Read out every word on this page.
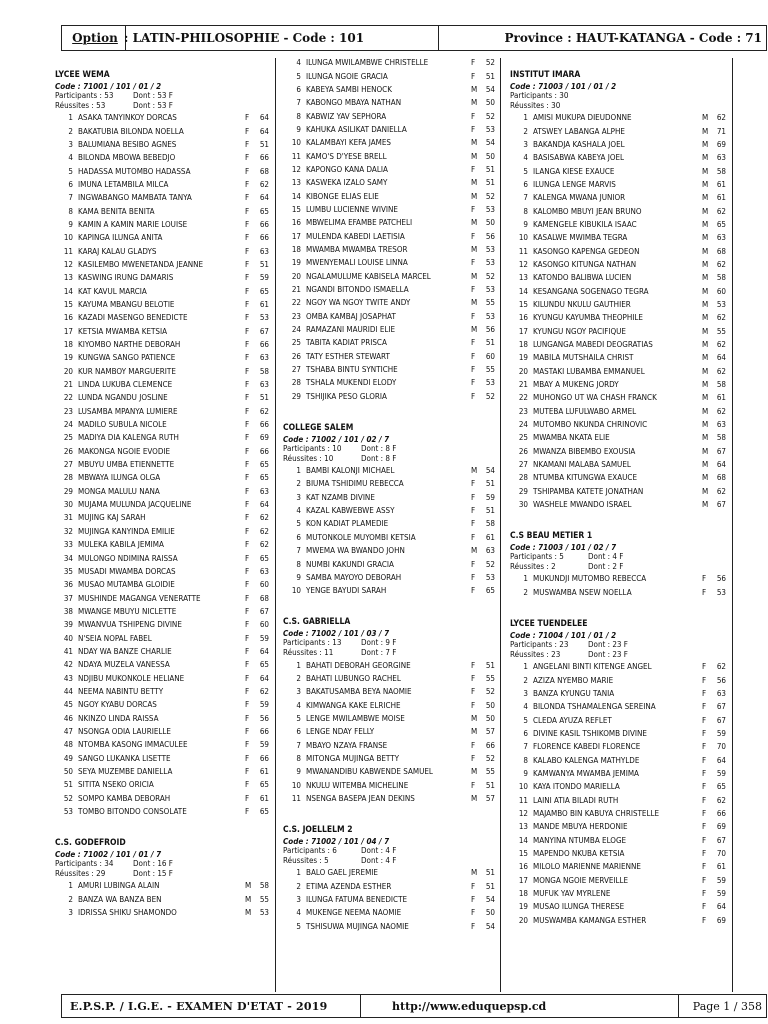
Option : LATIN-PHILOSOPHIE - Code : 101	Province : HAUT-KATANGA - Code : 71
LYCEE WEMA
Code : 71001 / 101 / 01 / 2
Participants : 53	Dont : 53 F
Réussites : 53	Dont : 53 F
1 ASAKA TANYINKOY DORCAS	F	64
2 BAKATUBIA BILONDA NOELLA	F	64
3 BALUMIANA BESIBO AGNES	F	51
4 BILONDA MBOWA BEBEDJO	F	66
5 HADASSA MUTOMBO HADASSA	F	68
6 IMUNA LETAMBILA MILCA	F	62
7 INGWABANGO MAMBATA TANYA	F	64
8 KAMA BENITA BENITA	F	65
9 KAMIN A KAMIN MARIE LOUISE	F	66
10 KAPINGA ILUNGA ANITA	F	66
11 KARAJ KALAU GLADYS	F	63
12 KASILEMBO MWENETANDA JEANNE	F	51
13 KASWING IRUNG DAMARIS	F	59
14 KAT KAVUL MARCIA	F	65
15 KAYUMA MBANGU BELOTIE	F	61
16 KAZADI MASENGO BENEDICTE	F	53
17 KETSIA MWAMBA KETSIA	F	67
18 KIYOMBO NARTHE DEBORAH	F	66
19 KUNGWA SANGO PATIENCE	F	63
20 KUR NAMBOY MARGUERITE	F	58
21 LINDA LUKUBA CLEMENCE	F	63
22 LUNDA NGANDU JOSLINE	F	51
23 LUSAMBA MPANYA LUMIERE	F	62
24 MADILO SUBULA NICOLE	F	66
25 MADIYA DIA KALENGA RUTH	F	69
26 MAKONGA NGOIE EVODIE	F	66
27 MBUYU UMBA ETIENNETTE	F	65
28 MBWAYA ILUNGA OLGA	F	65
29 MONGA MALULU NANA	F	63
30 MUJAMA MULUNDA JACQUELINE	F	64
31 MUJING KAJ SARAH	F	62
32 MUJINGA KANYINDA EMILIE	F	62
33 MULEKA KABILA JEMIMA	F	62
34 MULONGO NDIMINA RAISSA	F	65
35 MUSADI MWAMBA DORCAS	F	63
36 MUSAO MUTAMBA GLOIDIE	F	60
37 MUSHINDE MAGANGA VENERATTE	F	68
38 MWANGE MBUYU NICLETTE	F	67
39 MWANVUA TSHIPENG DIVINE	F	60
40 N'SEIA NOPAL FABEL	F	59
41 NDAY WA BANZE CHARLIE	F	64
42 NDAYA MUZELA VANESSA	F	65
43 NDJIBU MUKONKOLE HELIANE	F	64
44 NEEMA NABINTU BETTY	F	62
45 NGOY KYABU DORCAS	F	59
46 NKINZO LINDA RAISSA	F	56
47 NSONGA ODIA LAURIELLE	F	66
48 NTOMBA KASONG IMMACULEE	F	59
49 SANGO LUKANKA LISETTE	F	66
50 SEYA MUZEMBE DANIELLA	F	61
51 SITITA NSEKO ORICIA	F	65
52 SOMPO KAMBA DEBORAH	F	61
53 TOMBO BITONDO CONSOLATE	F	65
C.S. GODEFROID
Code : 71002 / 101 / 01 / 7
Participants : 34	Dont : 16 F
Réussites : 29	Dont : 15 F
1 AMURI LUBINGA ALAIN	M	58
2 BANZA WA BANZA BEN	M	55
3 IDRISSA SHIKU SHAMONDO	M	53
4 ILUNGA MWILAMBWE CHRISTELLE	F	52
5 ILUNGA NGOIE GRACIA	F	51
6 KABEYA SAMBI HENOCK	M	54
7 KABONGO MBAYA NATHAN	M	50
8 KABWIZ YAV SEPHORA	F	52
9 KAHUKA ASILIKAT DANIELLA	F	53
10 KALAMBAYI KEFA JAMES	M	54
11 KAMO'S D'YESE BRELL	M	50
12 KAPONGO KANA DALIA	F	51
13 KASWEKA IZALO SAMY	M	51
14 KIBONGE ELIAS ELIE	M	52
15 LUMBU LUCIENNE WIVINE	F	53
16 MBWELIMA EFAMBE PATCHELI	M	50
17 MULENDA KABEDI LAETISIA	F	56
18 MWAMBA MWAMBA TRESOR	M	53
19 MWENYEMALI LOUISE LINNA	F	53
20 NGALAMULUME KABISELA MARCEL	M	52
21 NGANDI BITONDO ISMAELLA	F	53
22 NGOY WA NGOY TWITE ANDY	M	55
23 OMBA KAMBAJ JOSAPHAT	F	53
24 RAMAZANI MAURIDI ELIE	M	56
25 TABITA KADIAT PRISCA	F	51
26 TATY ESTHER STEWART	F	60
27 TSHABA BINTU SYNTICHE	F	55
28 TSHALA MUKENDI ELODY	F	53
29 TSHIJIKA PESO GLORIA	F	52
COLLEGE SALEM
Code : 71002 / 101 / 02 / 7
Participants : 10	Dont : 8 F
Réussites : 10	Dont : 8 F
1 BAMBI KALONJI MICHAEL	M	54
2 BIUMA TSHIDIMU REBECCA	F	51
3 KAT NZAMB DIVINE	F	59
4 KAZAL KABWEBWE ASSY	F	51
5 KON KADIAT PLAMEDIE	F	58
6 MUTONKOLE MUYOMBI KETSIA	F	61
7 MWEMA WA BWANDO JOHN	M	63
8 NUMBI KAKUNDI GRACIA	F	52
9 SAMBA MAYOYO DEBORAH	F	53
10 YENGE BAYUDI SARAH	F	65
C.S. GABRIELLA
Code : 71002 / 101 / 03 / 7
Participants : 13	Dont : 9 F
Réussites : 11	Dont : 7 F
1 BAHATI DEBORAH GEORGINE	F	51
2 BAHATI LUBUNGO RACHEL	F	55
3 BAKATUSAMBA BEYA NAOMIE	F	52
4 KIMWANGA KAKE ELRICHE	F	50
5 LENGE MWILAMBWE MOISE	M	50
6 LENGE NDAY FELLY	M	57
7 MBAYO NZAYA FRANSE	F	66
8 MITONGA MUJINGA BETTY	F	52
9 MWANANDIBU KABWENDE SAMUEL	M	55
10 NKULU WITEMBA MICHELINE	F	51
11 NSENGA BASEPA JEAN DEKINS	M	57
C.S. JOELLELM 2
Code : 71002 / 101 / 04 / 7
Participants : 6	Dont : 4 F
Réussites : 5	Dont : 4 F
1 BALO GAEL JEREMIE	M	51
2 ETIMA AZENDA ESTHER	F	51
3 ILUNGA FATUMA BENEDICTE	F	54
4 MUKENGE NEEMA NAOMIE	F	50
5 TSHISUWA MUJINGA NAOMIE	F	54
INSTITUT IMARA
Code : 71003 / 101 / 01 / 2
Participants : 30
Réussites : 30
1 AMISI MUKUPA DIEUDONNE	M	62
2 ATSWEY LABANGA ALPHE	M	71
3 BAKANDJA KASHALA JOEL	M	69
4 BASISABWA KABEYA JOEL	M	63
5 ILANGA KIESE EXAUCE	M	58
6 ILUNGA LENGE MARVIS	M	61
7 KALENGA MWANA JUNIOR	M	61
8 KALOMBO MBUYI JEAN BRUNO	M	62
9 KAMENGELE KIBUKILA ISAAC	M	65
10 KASALWE MWIMBA TEGRA	M	63
11 KASONGO KAPENGA GEDEON	M	68
12 KASONGO KITUNGA NATHAN	M	62
13 KATONDO BALIBWA LUCIEN	M	58
14 KESANGANA SOGENAGO TEGRA	M	60
15 KILUNDU NKULU GAUTHIER	M	53
16 KYUNGU KAYUMBA THEOPHILE	M	62
17 KYUNGU NGOY PACIFIQUE	M	55
18 LUNGANGA MABEDI DEOGRATIAS	M	62
19 MABILA MUTSHAILA CHRIST	M	64
20 MASTAKI LUBAMBA EMMANUEL	M	62
21 MBAY A MUKENG JORDY	M	58
22 MUHONGO UT WA CHASH FRANCK	M	61
23 MUTEBA LUFULWABO ARMEL	M	62
24 MUTOMBO NKUNDA CHRINOVIC	M	63
25 MWAMBA NKATA ELIE	M	58
26 MWANZA BIBEMBO EXOUSIA	M	67
27 NKAMANI MALABA SAMUEL	M	64
28 NTUMBA KITUNGWA EXAUCE	M	68
29 TSHIPAMBA KATETE JONATHAN	M	62
30 WASHELE MWANDO ISRAEL	M	67
C.S BEAU METIER 1
Code : 71003 / 101 / 02 / 7
Participants : 5	Dont : 4 F
Réussites : 2	Dont : 2 F
1 MUKUNDJI MUTOMBO REBECCA	F	56
2 MUSWAMBA NSEW NOELLA	F	53
LYCEE TUENDELEE
Code : 71004 / 101 / 01 / 2
Participants : 23	Dont : 23 F
Réussites : 23	Dont : 23 F
1 ANGELANI BINTI KITENGE ANGEL	F	62
2 AZIZA NYEMBO MARIE	F	56
3 BANZA KYUNGU TANIA	F	63
4 BILONDA TSHAMALENGA SEREINA	F	67
5 CLEDA AYUZA REFLET	F	67
6 DIVINE KASIL TSHIKOMB DIVINE	F	59
7 FLORENCE KABEDI FLORENCE	F	70
8 KALABO KALENGA MATHYLDE	F	64
9 KAMWANYA MWAMBA JEMIMA	F	59
10 KAYA ITONDO MARIELLA	F	65
11 LAINI ATIA BILADI RUTH	F	62
12 MAJAMBO BIN KABUYA CHRISTELLE	F	66
13 MANDE MBUYA HERDONIE	F	69
14 MANYINA NTUMBA ELOGE	F	67
15 MAPENDO NKUBA KETSIA	F	70
16 MILOLO MARIENNE MARIENNE	F	61
17 MONGA NGOIE MERVEILLE	F	59
18 MUFUK YAV MYRLENE	F	59
19 MUSAO ILUNGA THERESE	F	64
20 MUSWAMBA KAMANGA ESTHER	F	69
E.P.S.P. / I.G.E. - EXAMEN D'ETAT - 2019	http://www.eduquepsp.cd	Page 1 / 358
